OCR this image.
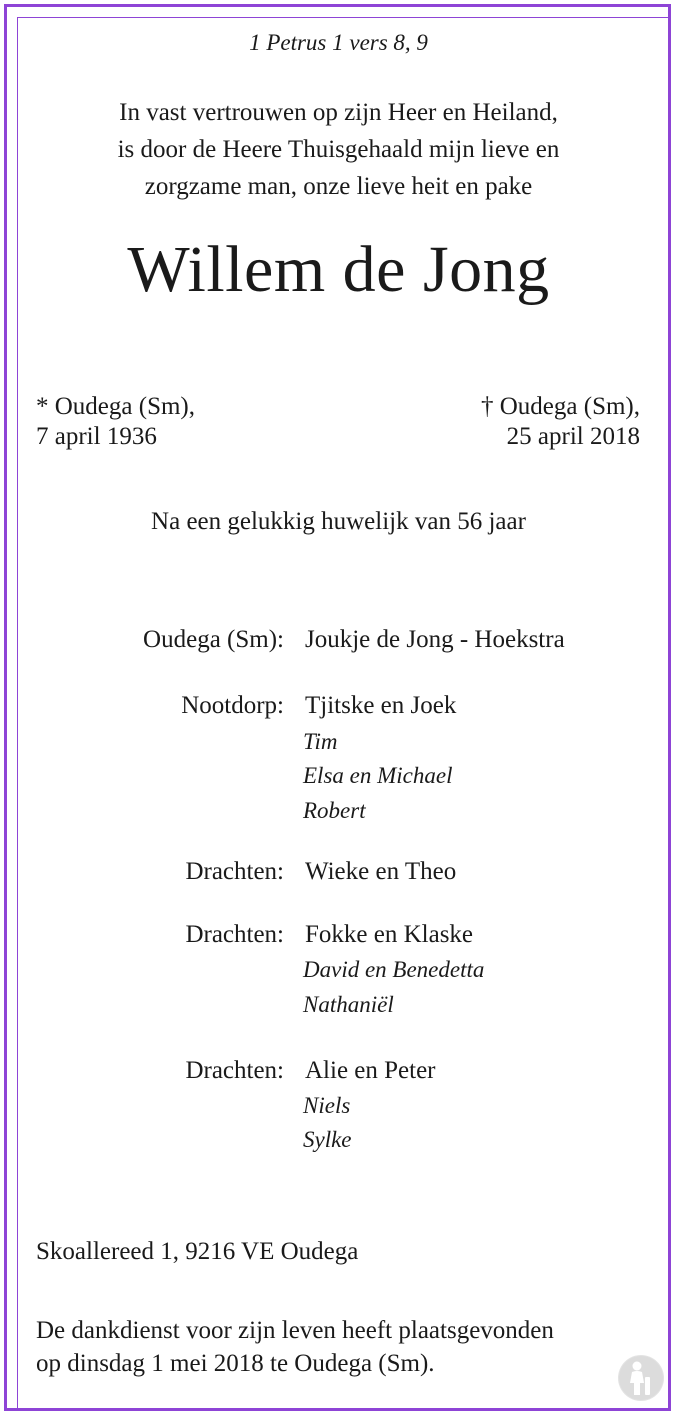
1 Petrus 1 vers 8, 9
In vast vertrouwen op zijn Heer en Heiland,
is door de Heere Thuisgehaald mijn lieve en
zorgzame man, onze lieve heit en pake
Willem de Jong
* Oudega (Sm),
7 april 1936
† Oudega (Sm),
25 april 2018
Na een gelukkig huwelijk van 56 jaar
Oudega (Sm): Joukje de Jong - Hoekstra
Nootdorp: Tjitske en Joek
Tim
Elsa en Michael
Robert
Drachten: Wieke en Theo
Drachten: Fokke en Klaske
David en Benedetta
Nathaniël
Drachten: Alie en Peter
Niels
Sylke
Skoallereed 1, 9216 VE Oudega
De dankdienst voor zijn leven heeft plaatsgevonden
op dinsdag 1 mei 2018 te Oudega (Sm).
